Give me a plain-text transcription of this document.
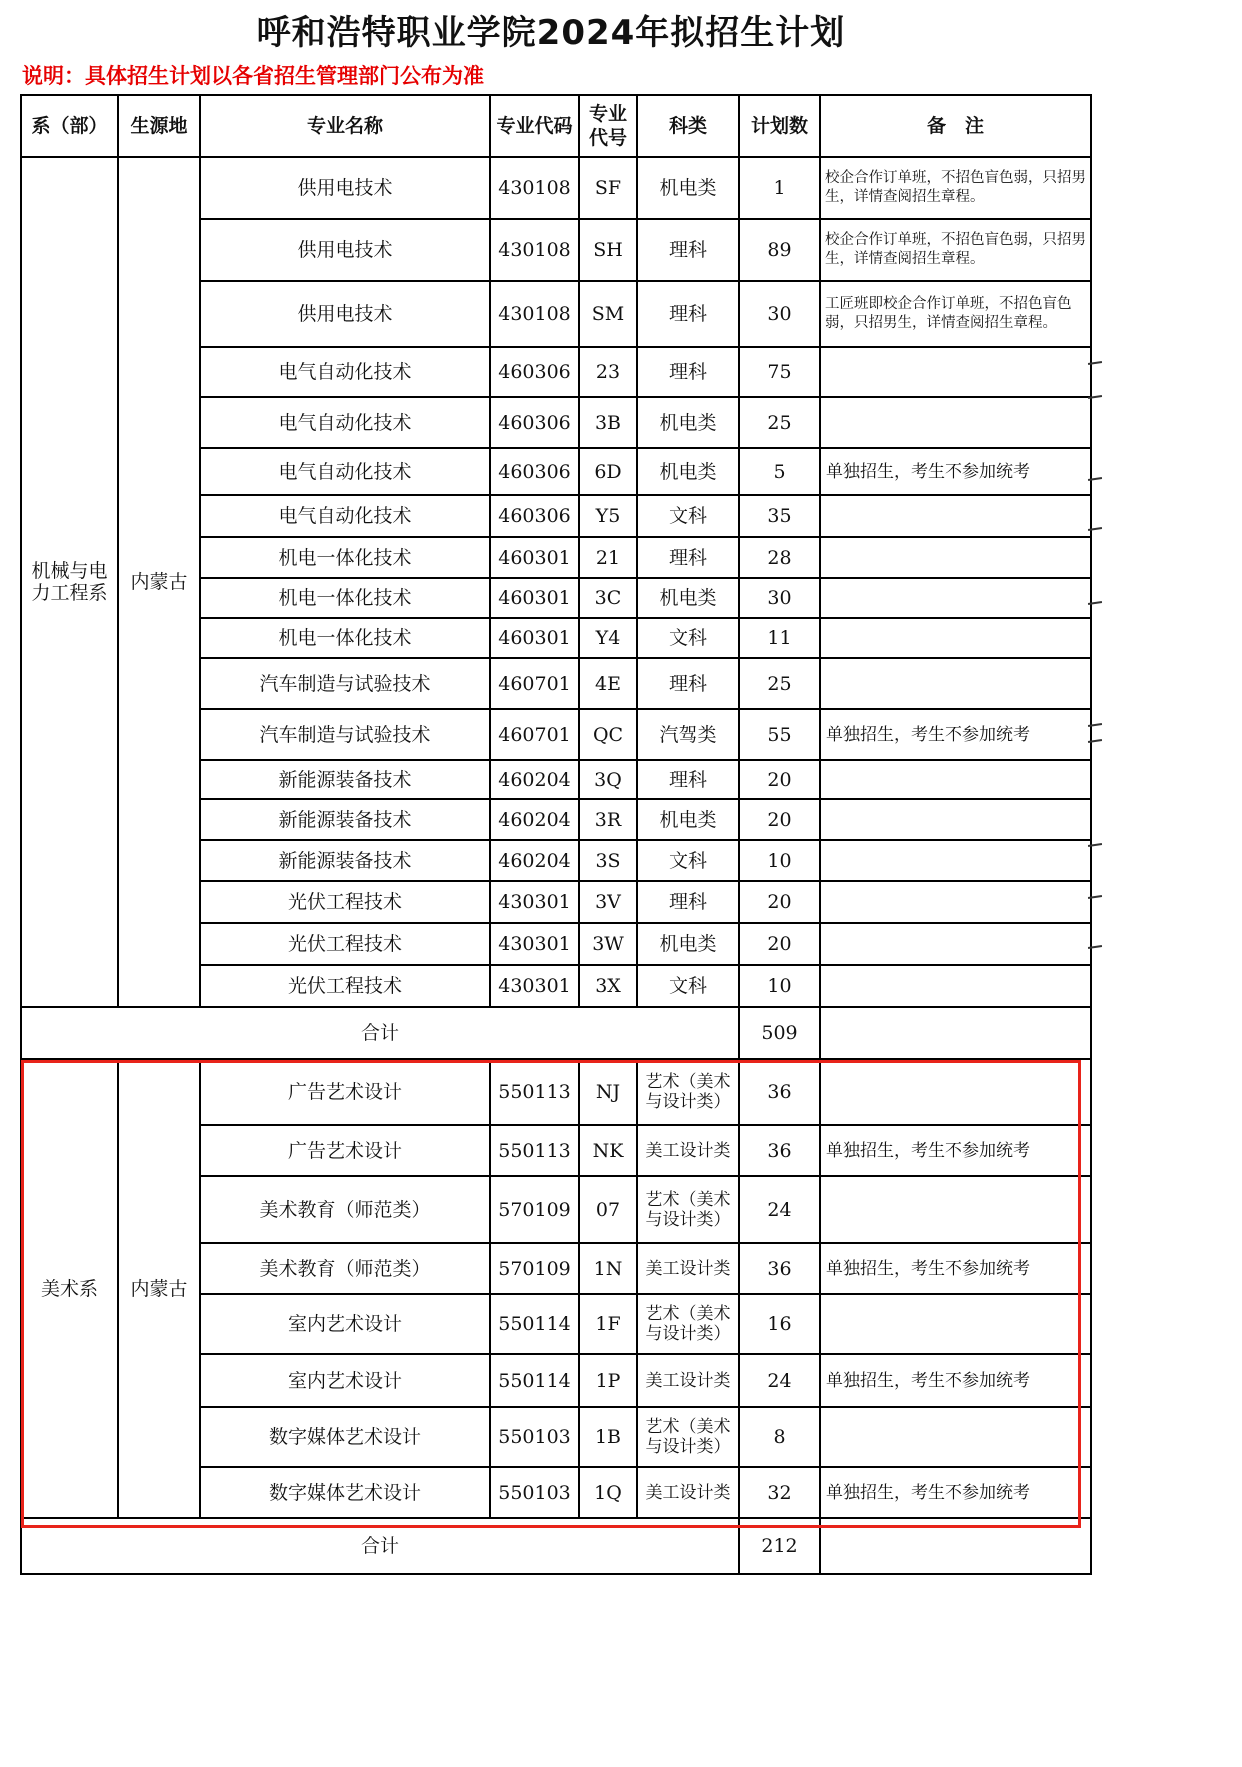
呼和浩特职业学院2024年拟招生计划
说明：具体招生计划以各省招生管理部门公布为准
系（部）	生源地	专业名称	专业代码	专业
代号	科类	计划数	备　注
机械与电力工程系	内蒙古	供用电技术	430108	SF	机电类	1	校企合作订单班，不招色盲色弱，只招男生，详情查阅招生章程。
		供用电技术	430108	SH	理科	89	校企合作订单班，不招色盲色弱，只招男生，详情查阅招生章程。
		供用电技术	430108	SM	理科	30	工匠班即校企合作订单班，不招色盲色弱，只招男生，详情查阅招生章程。
		电气自动化技术	460306	23	理科	75	
		电气自动化技术	460306	3B	机电类	25	
		电气自动化技术	460306	6D	机电类	5	单独招生，考生不参加统考
		电气自动化技术	460306	Y5	文科	35	
		机电一体化技术	460301	21	理科	28	
		机电一体化技术	460301	3C	机电类	30	
		机电一体化技术	460301	Y4	文科	11	
		汽车制造与试验技术	460701	4E	理科	25	
		汽车制造与试验技术	460701	QC	汽驾类	55	单独招生，考生不参加统考
		新能源装备技术	460204	3Q	理科	20	
		新能源装备技术	460204	3R	机电类	20	
		新能源装备技术	460204	3S	文科	10	
		光伏工程技术	430301	3V	理科	20	
		光伏工程技术	430301	3W	机电类	20	
		光伏工程技术	430301	3X	文科	10	
合计						509	
美术系	内蒙古	广告艺术设计	550113	NJ	艺术（美术与设计类）	36	
		广告艺术设计	550113	NK	美工设计类	36	单独招生，考生不参加统考
		美术教育（师范类）	570109	07	艺术（美术与设计类）	24	
		美术教育（师范类）	570109	1N	美工设计类	36	单独招生，考生不参加统考
		室内艺术设计	550114	1F	艺术（美术与设计类）	16	
		室内艺术设计	550114	1P	美工设计类	24	单独招生，考生不参加统考
		数字媒体艺术设计	550103	1B	艺术（美术与设计类）	8	
		数字媒体艺术设计	550103	1Q	美工设计类	32	单独招生，考生不参加统考
合计						212	
